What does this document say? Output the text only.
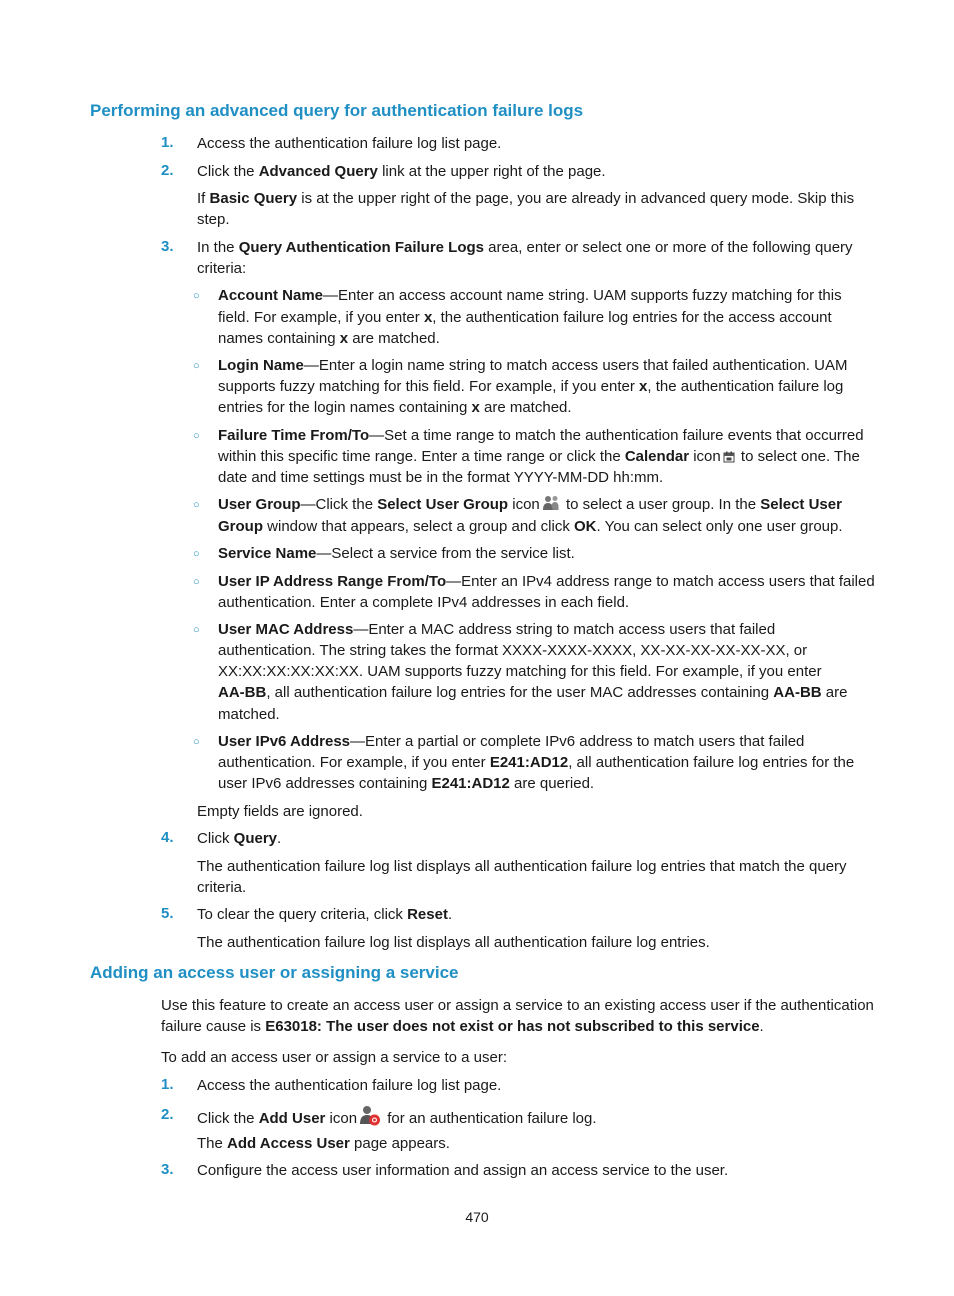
Performing an advanced query for authentication failure logs
1. Access the authentication failure log list page.
2. Click the Advanced Query link at the upper right of the page.
If Basic Query is at the upper right of the page, you are already in advanced query mode. Skip this
step.
3. In the Query Authentication Failure Logs area, enter or select one or more of the following query
criteria:
○ Account Name—Enter an access account name string. UAM supports fuzzy matching for this
field. For example, if you enter x, the authentication failure log entries for the access account
names containing x are matched.
○ Login Name—Enter a login name string to match access users that failed authentication. UAM
supports fuzzy matching for this field. For example, if you enter x, the authentication failure log
entries for the login names containing x are matched.
○ Failure Time From/To—Set a time range to match the authentication failure events that occurred
within this specific time range. Enter a time range or click the Calendar icon to select one. The
date and time settings must be in the format YYYY-MM-DD hh:mm.
○ User Group—Click the Select User Group icon to select a user group. In the Select User
Group window that appears, select a group and click OK. You can select only one user group.
○ Service Name—Select a service from the service list.
○ User IP Address Range From/To—Enter an IPv4 address range to match access users that failed
authentication. Enter a complete IPv4 addresses in each field.
○ User MAC Address—Enter a MAC address string to match access users that failed
authentication. The string takes the format XXXX-XXXX-XXXX, XX-XX-XX-XX-XX-XX, or
XX:XX:XX:XX:XX:XX. UAM supports fuzzy matching for this field. For example, if you enter
AA-BB, all authentication failure log entries for the user MAC addresses containing AA-BB are
matched.
○ User IPv6 Address—Enter a partial or complete IPv6 address to match users that failed
authentication. For example, if you enter E241:AD12, all authentication failure log entries for the
user IPv6 addresses containing E241:AD12 are queried.
Empty fields are ignored.
4. Click Query.
The authentication failure log list displays all authentication failure log entries that match the query
criteria.
5. To clear the query criteria, click Reset.
The authentication failure log list displays all authentication failure log entries.
Adding an access user or assigning a service
Use this feature to create an access user or assign a service to an existing access user if the authentication
failure cause is E63018: The user does not exist or has not subscribed to this service.
To add an access user or assign a service to a user:
1. Access the authentication failure log list page.
2. Click the Add User icon for an authentication failure log.
The Add Access User page appears.
3. Configure the access user information and assign an access service to the user.
470
